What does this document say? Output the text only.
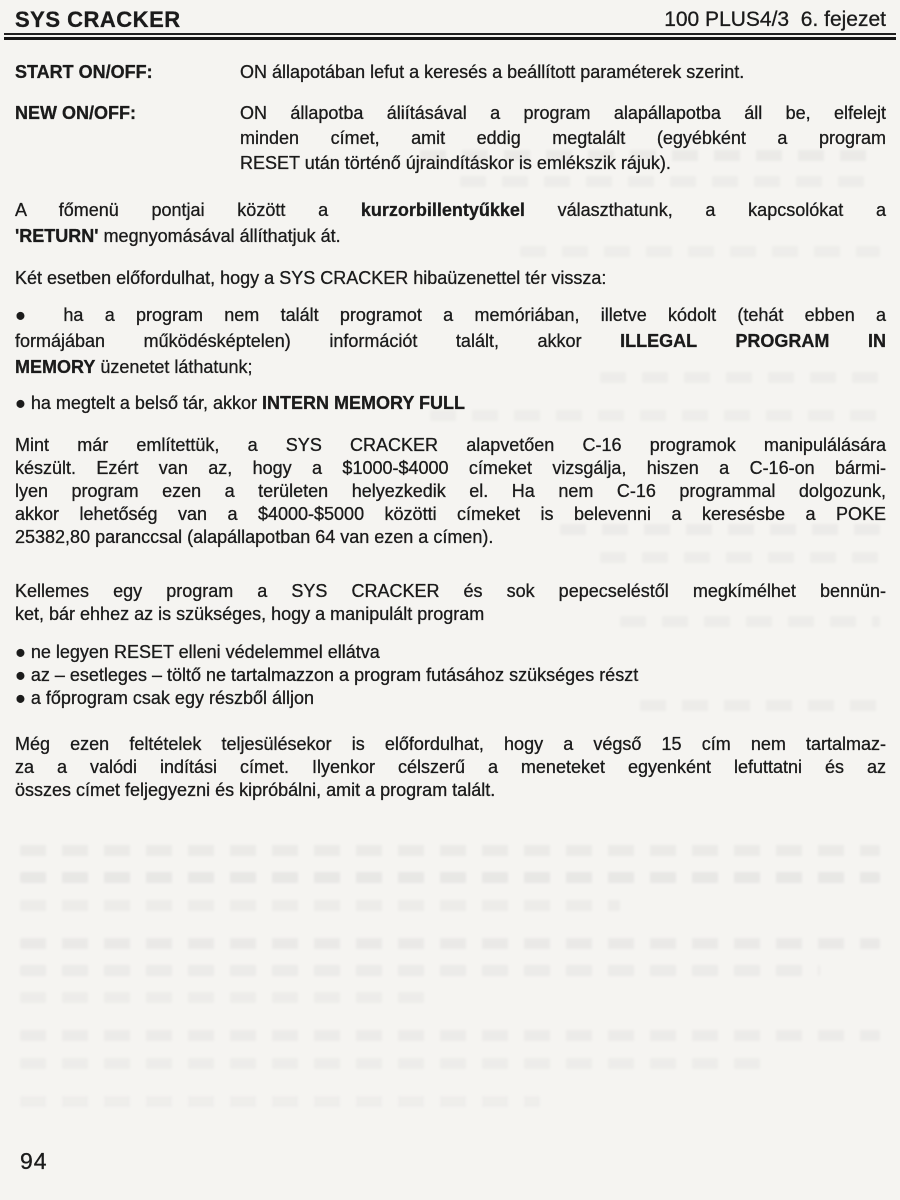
SYS CRACKER	100 PLUS4/3  6. fejezet
START ON/OFF:	ON állapotában lefut a keresés a beállított paraméterek szerint.
NEW ON/OFF:	ON állapotba áliításával a program alapállapotba áll be, elfelejt
minden címet, amit eddig megtalált (egyébként a program
RESET után történő újraindításkor is emlékszik rájuk).
A főmenü pontjai között a kurzorbillentyűkkel választhatunk, a kapcsolókat a
'RETURN' megnyomásával állíthatjuk át.
Két esetben előfordulhat, hogy a SYS CRACKER hibaüzenettel tér vissza:
● ha a program nem talált programot a memóriában, illetve kódolt (tehát ebben a
formájában működésképtelen) információt talált, akkor ILLEGAL PROGRAM IN
MEMORY üzenetet láthatunk;
● ha megtelt a belső tár, akkor INTERN MEMORY FULL
Mint már említettük, a SYS CRACKER alapvetően C-16 programok manipulálására
készült. Ezért van az, hogy a $1000-$4000 címeket vizsgálja, hiszen a C-16-on bármi-
lyen program ezen a területen helyezkedik el. Ha nem C-16 programmal dolgozunk,
akkor lehetőség van a $4000-$5000 közötti címeket is belevenni a keresésbe a POKE
25382,80 paranccsal (alapállapotban 64 van ezen a címen).
Kellemes egy program a SYS CRACKER és sok pepecseléstől megkímélhet bennün-
ket, bár ehhez az is szükséges, hogy a manipulált program
● ne legyen RESET elleni védelemmel ellátva
● az – esetleges – töltő ne tartalmazzon a program futásához szükséges részt
● a főprogram csak egy részből álljon
Még ezen feltételek teljesülésekor is előfordulhat, hogy a végső 15 cím nem tartalmaz-
za a valódi indítási címet. Ilyenkor célszerű a meneteket egyenként lefuttatni és az
összes címet feljegyezni és kipróbálni, amit a program talált.
94
